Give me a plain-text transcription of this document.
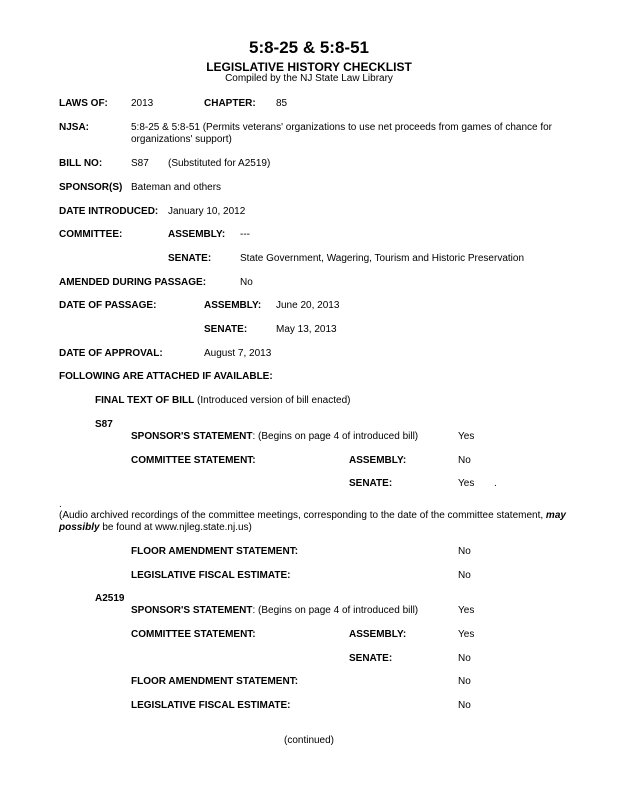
5:8-25 & 5:8-51
LEGISLATIVE HISTORY CHECKLIST
Compiled by the NJ State Law Library
LAWS OF: 2013	CHAPTER: 85
NJSA:	5:8-25 & 5:8-51 (Permits veterans' organizations to use net proceeds from games of chance for organizations' support)
BILL NO:	S87 (Substituted for A2519)
SPONSOR(S) Bateman and others
DATE INTRODUCED: January 10, 2012
COMMITTEE:	ASSEMBLY: ---
SENATE:	State Government, Wagering, Tourism and Historic Preservation
AMENDED DURING PASSAGE:	No
DATE OF PASSAGE:	ASSEMBLY: June 20, 2013
SENATE:	May 13, 2013
DATE OF APPROVAL:	August 7, 2013
FOLLOWING ARE ATTACHED IF AVAILABLE:
FINAL TEXT OF BILL (Introduced version of bill enacted)
S87
SPONSOR'S STATEMENT: (Begins on page 4 of introduced bill)	Yes
COMMITTEE STATEMENT:	ASSEMBLY:	No
SENATE:	Yes .
.
(Audio archived recordings of the committee meetings, corresponding to the date of the committee statement, may possibly be found at www.njleg.state.nj.us)
FLOOR AMENDMENT STATEMENT:	No
LEGISLATIVE FISCAL ESTIMATE:	No
A2519
SPONSOR'S STATEMENT: (Begins on page 4 of introduced bill)	Yes
COMMITTEE STATEMENT:	ASSEMBLY:	Yes
SENATE:	No
FLOOR AMENDMENT STATEMENT:	No
LEGISLATIVE FISCAL ESTIMATE:	No
(continued)
